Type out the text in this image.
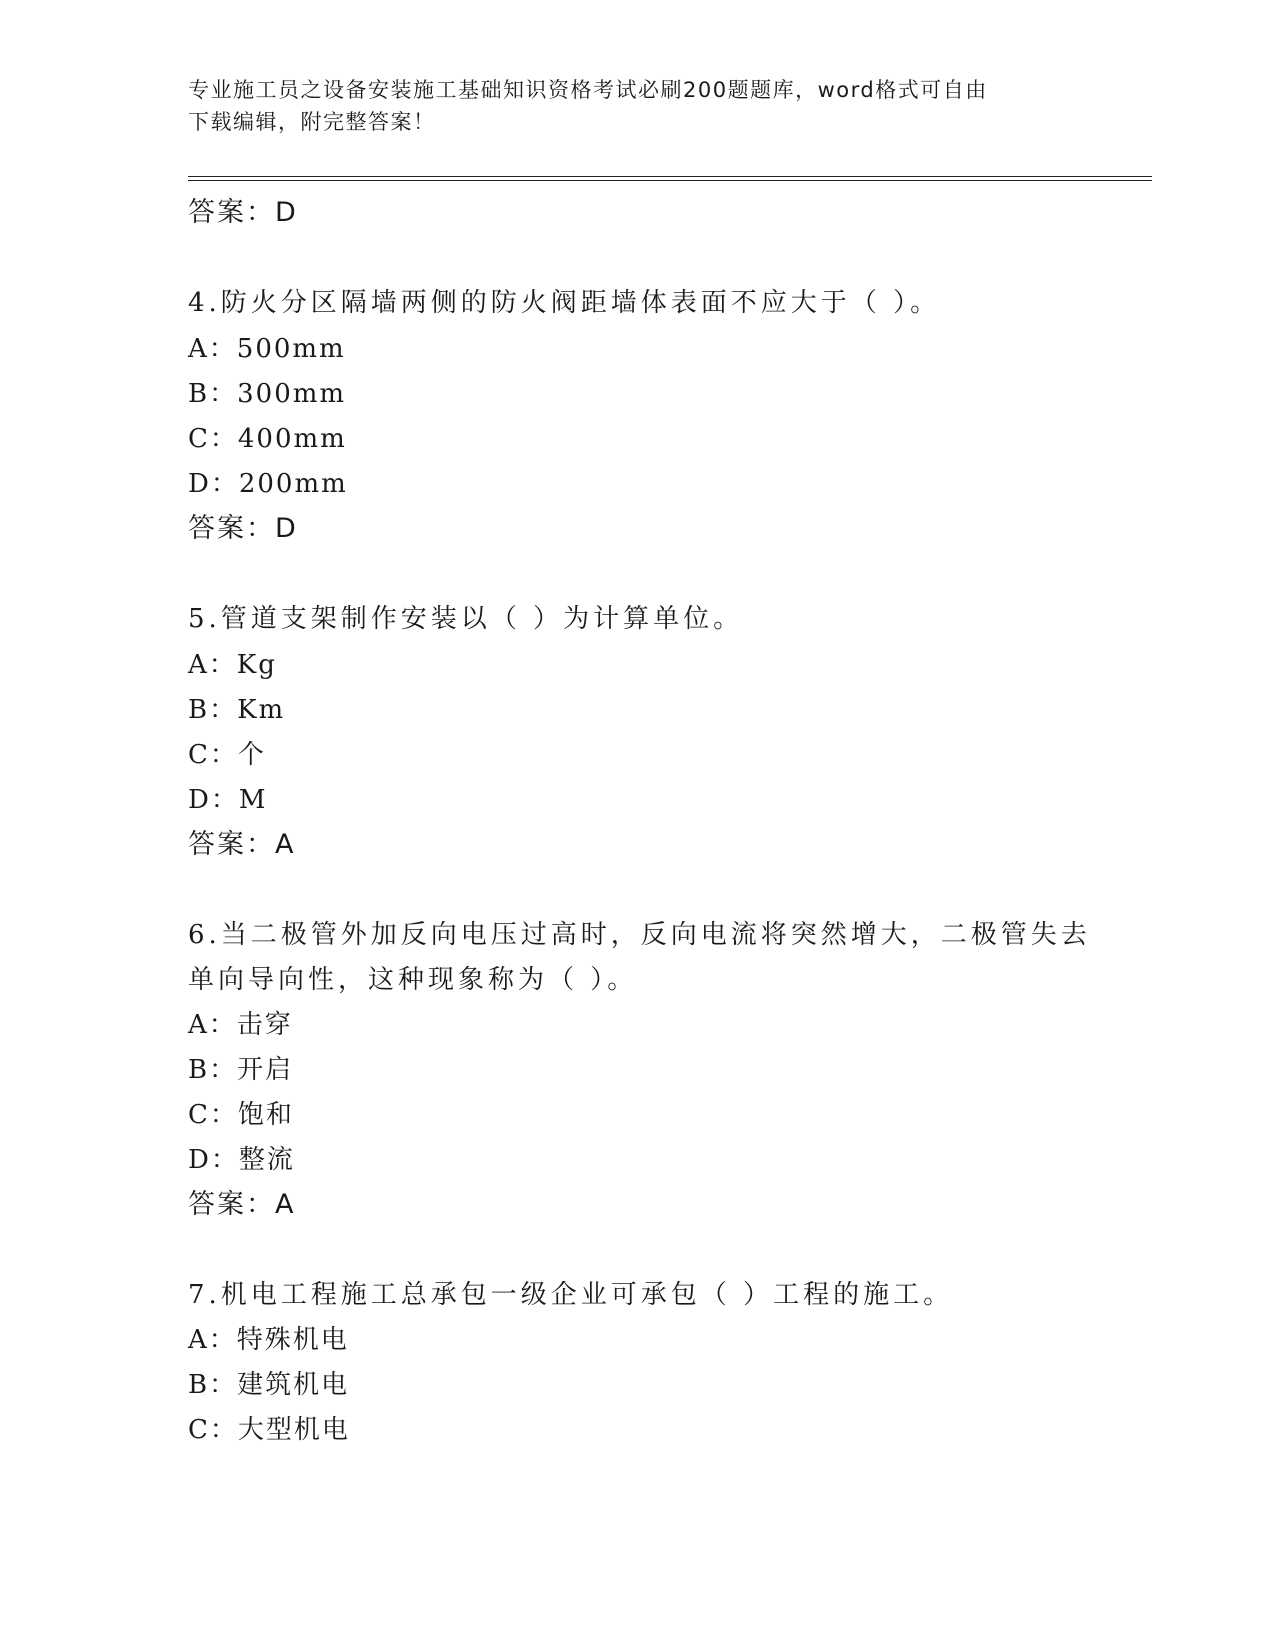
专业施工员之设备安装施工基础知识资格考试必刷200题题库，word格式可自由
下载编辑，附完整答案！
答案：D
4.防火分区隔墙两侧的防火阀距墙体表面不应大于（ ）。
A：500mm
B：300mm
C：400mm
D：200mm
答案：D
5.管道支架制作安装以（ ）为计算单位。
A：Kg
B：Km
C：个
D：M
答案：A
6.当二极管外加反向电压过高时，反向电流将突然增大，二极管失去
单向导向性，这种现象称为（ ）。
A：击穿
B：开启
C：饱和
D：整流
答案：A
7.机电工程施工总承包一级企业可承包（ ）工程的施工。
A：特殊机电
B：建筑机电
C：大型机电
